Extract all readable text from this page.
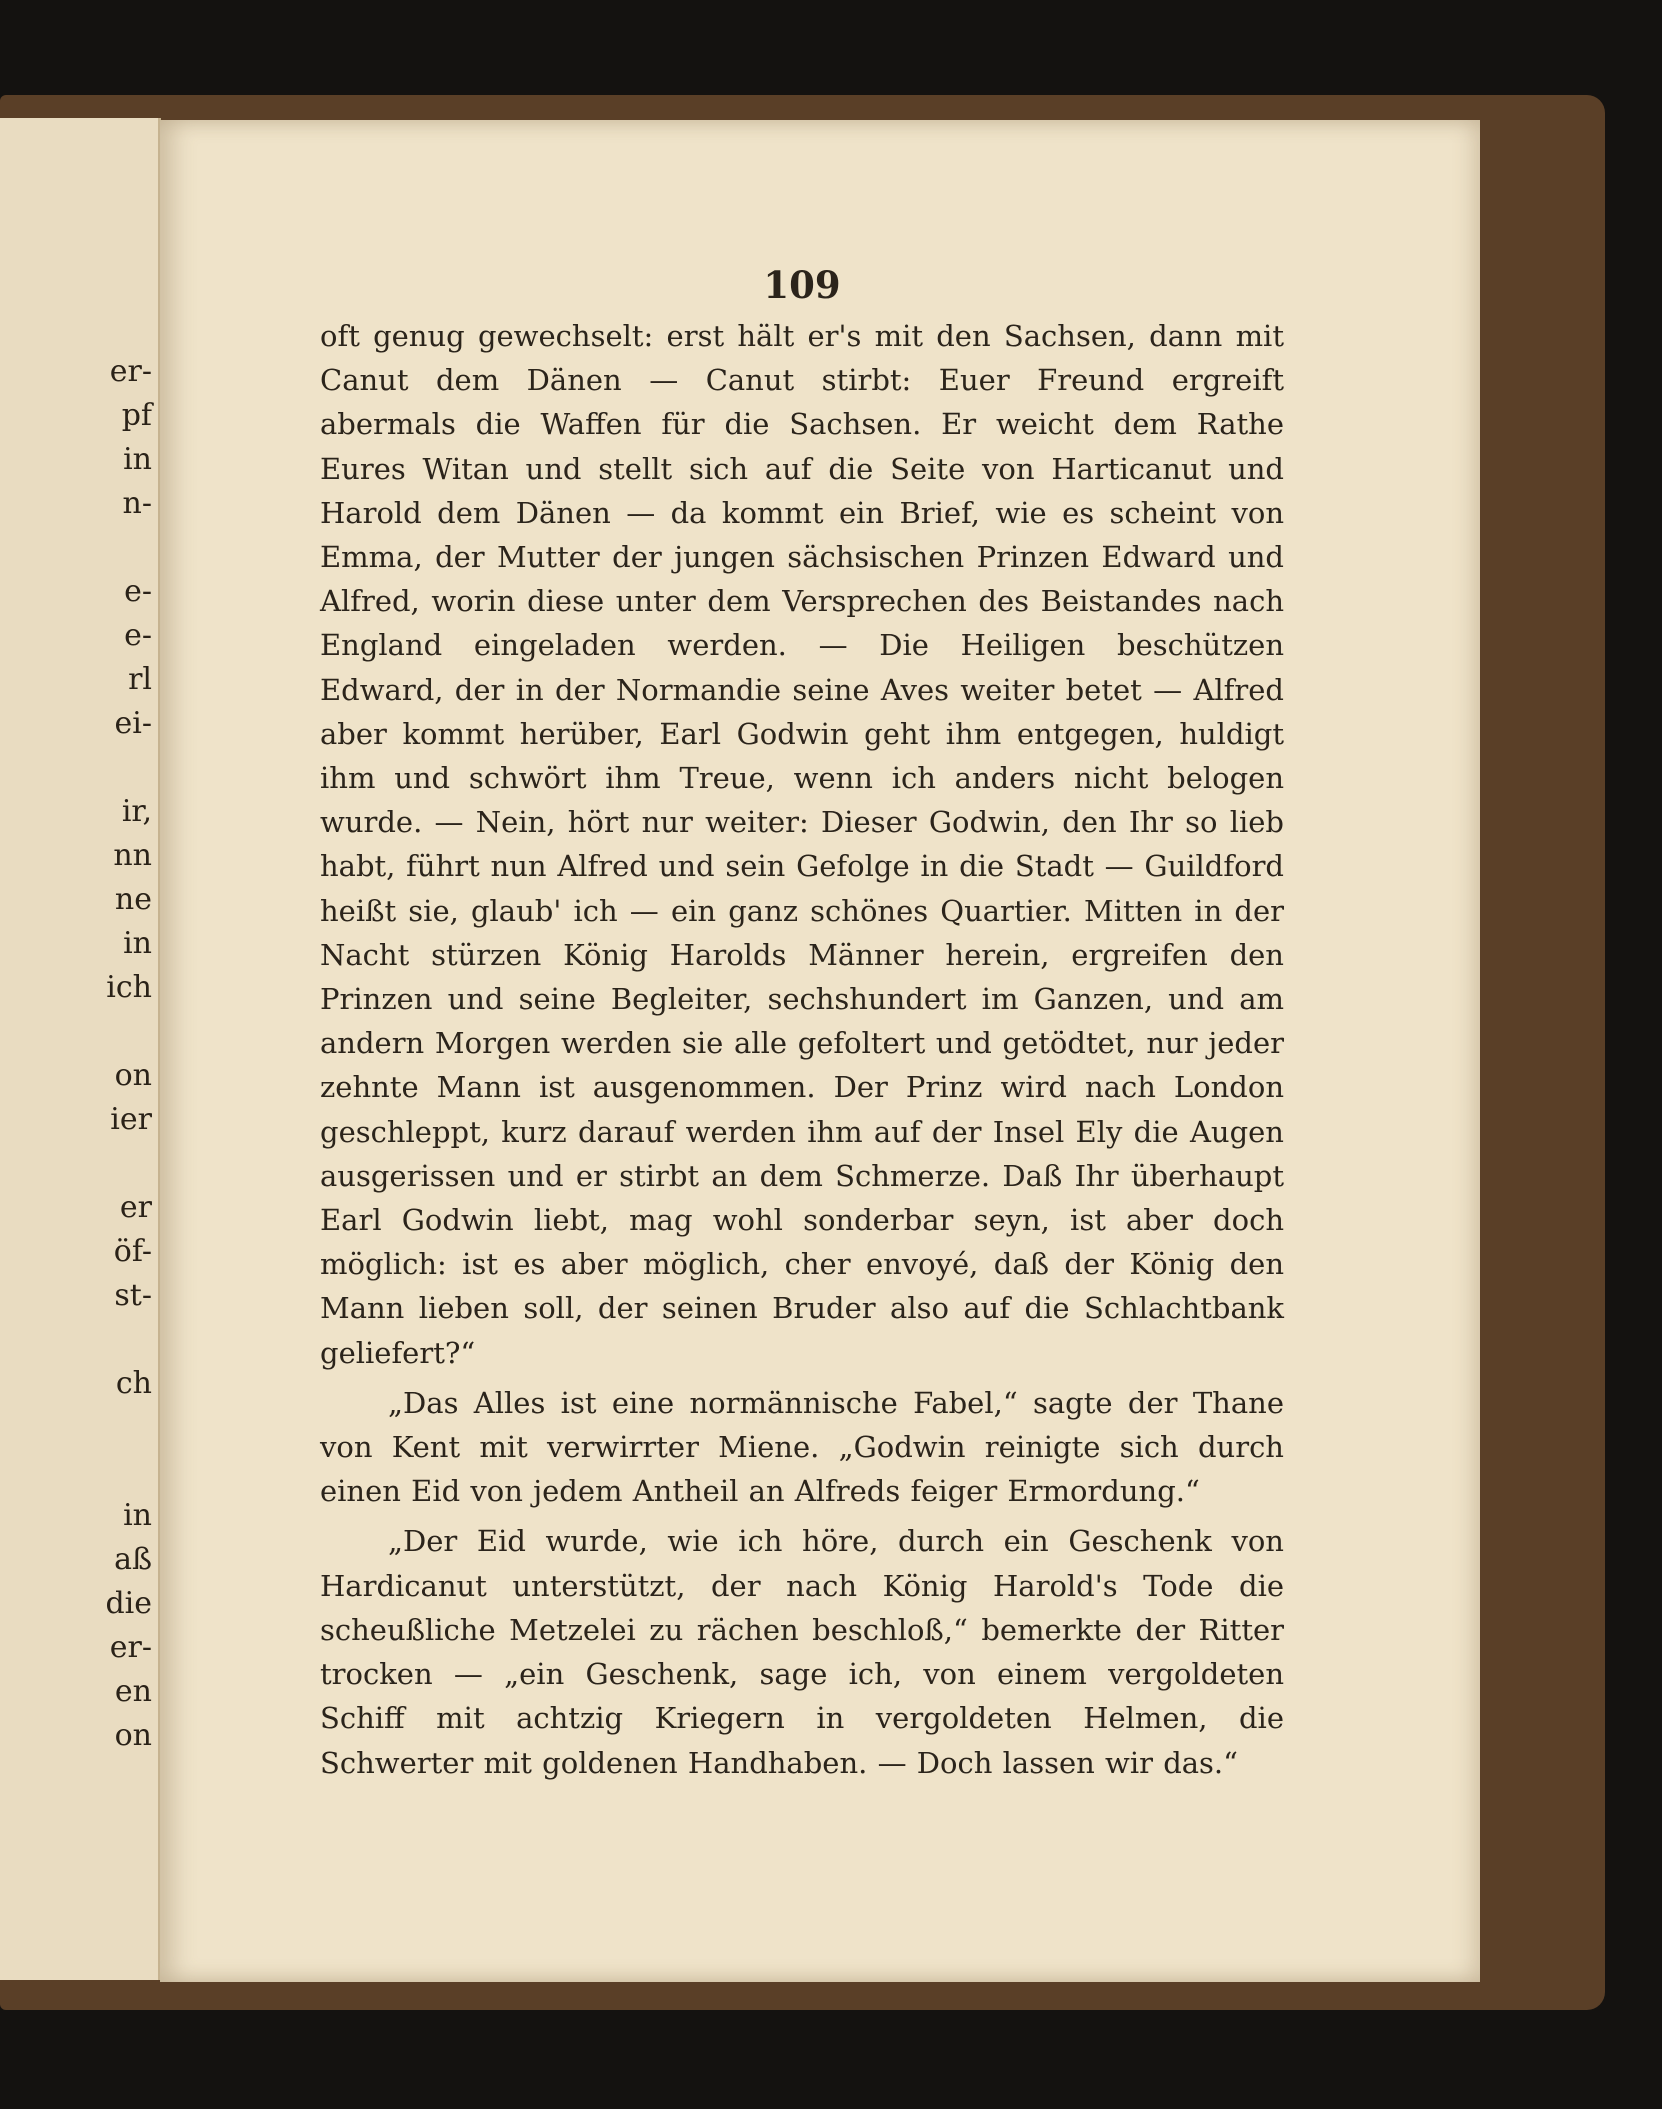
er-
pf
in
n-
e-
e-
rl
ei-
ir,
nn
ne
in
ich
on
ier
er
öf-
st-
ch
in
aß
die
er-
en
on
109

oft genug gewechselt: erst hält er's mit den Sachsen, dann mit Canut dem Dänen — Canut stirbt: Euer Freund ergreift abermals die Waffen für die Sachsen. Er weicht dem Rathe Eures Witan und stellt sich auf die Seite von Harticanut und Harold dem Dänen — da kommt ein Brief, wie es scheint von Emma, der Mutter der jungen sächsischen Prinzen Edward und Alfred, worin diese unter dem Versprechen des Beistandes nach England eingeladen werden. — Die Heiligen beschützen Edward, der in der Normandie seine Aves weiter betet — Alfred aber kommt herüber, Earl Godwin geht ihm entgegen, huldigt ihm und schwört ihm Treue, wenn ich anders nicht belogen wurde. — Nein, hört nur weiter: Dieser Godwin, den Ihr so lieb habt, führt nun Alfred und sein Gefolge in die Stadt — Guildford heißt sie, glaub' ich — ein ganz schönes Quartier. Mitten in der Nacht stürzen König Harolds Männer herein, ergreifen den Prinzen und seine Begleiter, sechshundert im Ganzen, und am andern Morgen werden sie alle gefoltert und getödtet, nur jeder zehnte Mann ist ausgenommen. Der Prinz wird nach London geschleppt, kurz darauf werden ihm auf der Insel Ely die Augen ausgerissen und er stirbt an dem Schmerze. Daß Ihr überhaupt Earl Godwin liebt, mag wohl sonderbar seyn, ist aber doch möglich: ist es aber möglich, cher envoyé, daß der König den Mann lieben soll, der seinen Bruder also auf die Schlachtbank geliefert?“

„Das Alles ist eine normännische Fabel,“ sagte der Thane von Kent mit verwirrter Miene. „Godwin reinigte sich durch einen Eid von jedem Antheil an Alfreds feiger Ermordung.“

„Der Eid wurde, wie ich höre, durch ein Geschenk von Hardicanut unterstützt, der nach König Harold's Tode die scheußliche Metzelei zu rächen beschloß,“ bemerkte der Ritter trocken — „ein Geschenk, sage ich, von einem vergoldeten Schiff mit achtzig Kriegern in vergoldeten Helmen, die Schwerter mit goldenen Handhaben. — Doch lassen wir das.“
